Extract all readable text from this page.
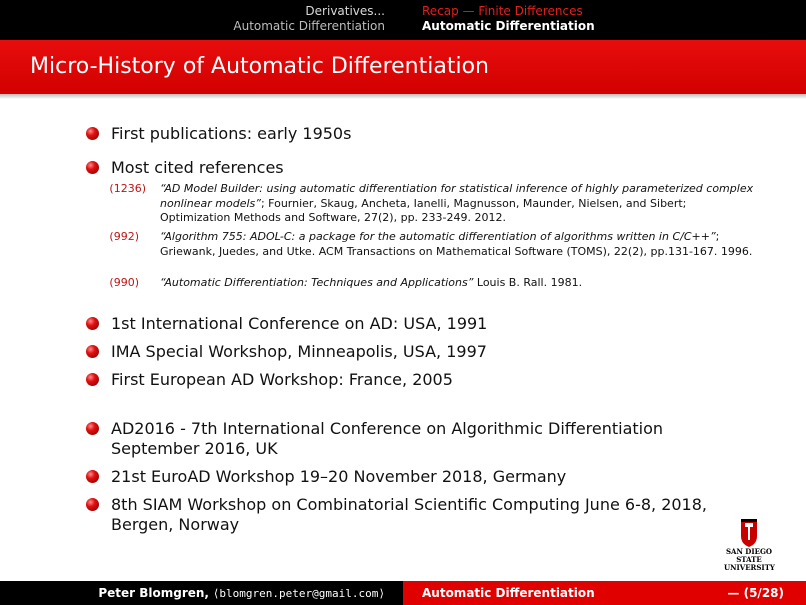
Derivatives...
Automatic Differentiation
Recap — Finite Differences
Automatic Differentiation
Micro-History of Automatic Differentiation
First publications: early 1950s
Most cited references
(1236) “AD Model Builder: using automatic differentiation for statistical inference of highly parameterized complex nonlinear models”; Fournier, Skaug, Ancheta, Ianelli, Magnusson, Maunder, Nielsen, and Sibert; Optimization Methods and Software, 27(2), pp. 233-249. 2012.
(992) “Algorithm 755: ADOL-C: a package for the automatic differentiation of algorithms written in C/C++”; Griewank, Juedes, and Utke. ACM Transactions on Mathematical Software (TOMS), 22(2), pp.131-167. 1996.
(990) “Automatic Differentiation: Techniques and Applications” Louis B. Rall. 1981.
1st International Conference on AD: USA, 1991
IMA Special Workshop, Minneapolis, USA, 1997
First European AD Workshop: France, 2005
AD2016 - 7th International Conference on Algorithmic Differentiation
September 2016, UK
21st EuroAD Workshop 19–20 November 2018, Germany
8th SIAM Workshop on Combinatorial Scientific Computing June 6-8, 2018,
Bergen, Norway
SAN DIEGO STATE
UNIVERSITY
Peter Blomgren, ⟨blomgren.peter@gmail.com⟩	Automatic Differentiation	— (5/28)
